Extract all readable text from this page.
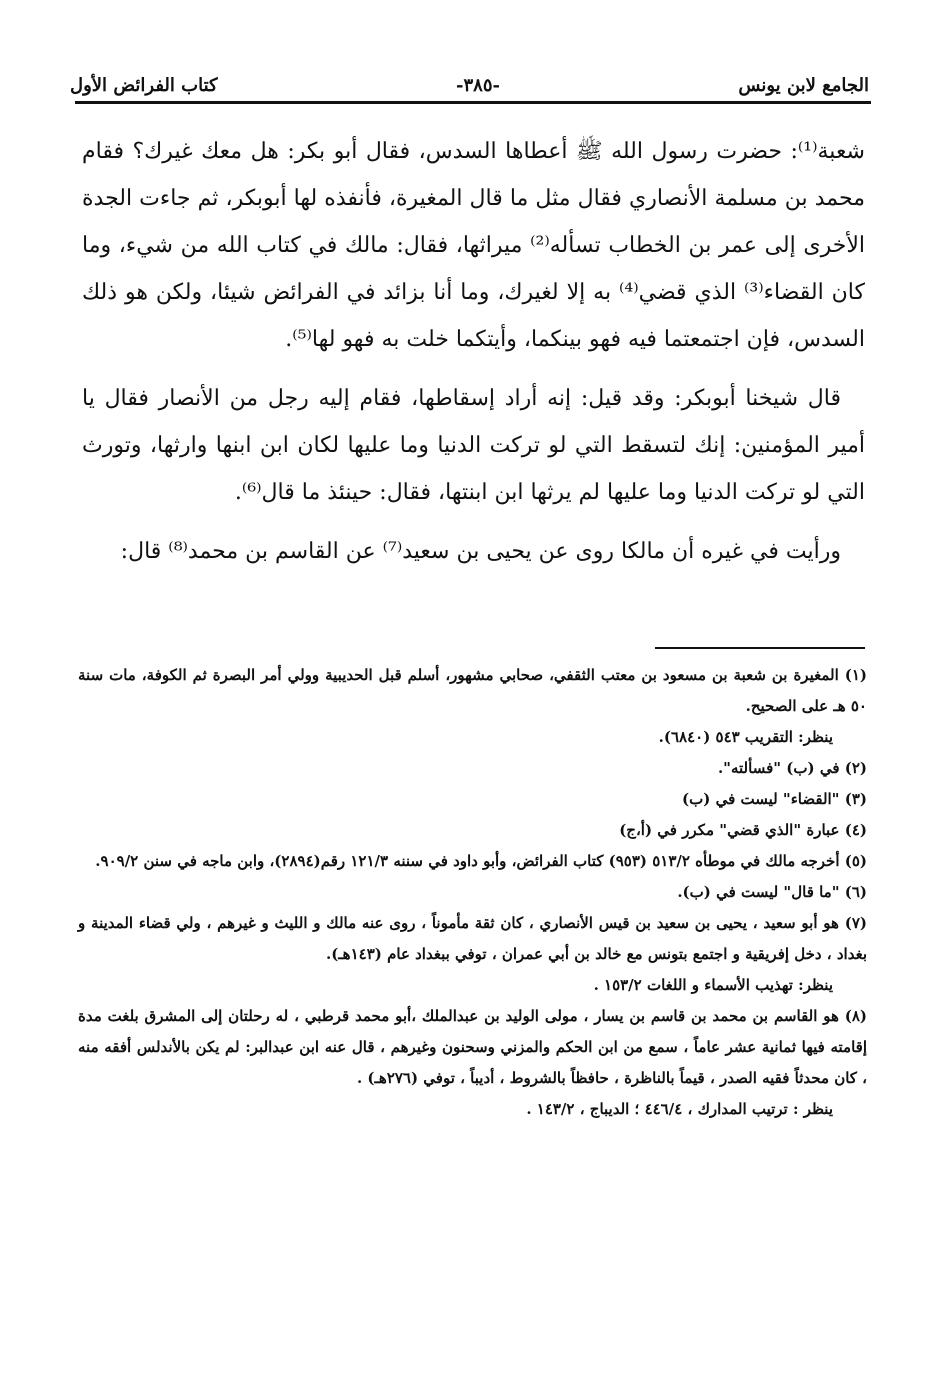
الجامع لابن يونس
-٣٨٥-
كتاب الفرائض الأول

شعبة⁽¹⁾: حضرت رسول الله ﷺ أعطاها السدس، فقال أبو بكر: هل معك غيرك؟ فقام محمد بن مسلمة الأنصاري فقال مثل ما قال المغيرة، فأنفذه لها أبوبكر، ثم جاءت الجدة الأخرى إلى عمر بن الخطاب تسأله⁽²⁾ ميراثها، فقال: مالك في كتاب الله من شيء، وما كان القضاء⁽³⁾ الذي قضي⁽⁴⁾ به إلا لغيرك، وما أنا بزائد في الفرائض شيئا، ولكن هو ذلك السدس، فإن اجتمعتما فيه فهو بينكما، وأيتكما خلت به فهو لها⁽⁵⁾.

قال شيخنا أبوبكر: وقد قيل: إنه أراد إسقاطها، فقام إليه رجل من الأنصار فقال يا أمير المؤمنين: إنك لتسقط التي لو تركت الدنيا وما عليها لكان ابن ابنها وارثها، وتورث التي لو تركت الدنيا وما عليها لم يرثها ابن ابنتها، فقال: حينئذ ما قال⁽⁶⁾.

ورأيت في غيره أن مالكا روى عن يحيى بن سعيد⁽⁷⁾ عن القاسم بن محمد⁽⁸⁾ قال:

(١) المغيرة بن شعبة بن مسعود بن معتب الثقفي، صحابي مشهور، أسلم قبل الحديبية وولي أمر البصرة ثم الكوفة، مات سنة ٥٠ هـ على الصحيح.

ينظر: التقريب ٥٤٣ (٦٨٤٠).

(٢) في (ب) "فسألته".

(٣) "القضاء" ليست في (ب)

(٤) عبارة "الذي قضي" مكرر في (أ،ج)

(٥) أخرجه مالك في موطأه ٥١٣/٢ (٩٥٣) كتاب الفرائض، وأبو داود في سننه ١٢١/٣ رقم(٢٨٩٤)، وابن ماجه في سنن ٩٠٩/٢.

(٦) "ما قال" ليست في (ب).

(٧) هو أبو سعيد ، يحيى بن سعيد بن قيس الأنصاري ، كان ثقة مأموناً ، روى عنه مالك و الليث و غيرهم ، ولي قضاء المدينة و بغداد ، دخل إفريقية و اجتمع بتونس مع خالد بن أبي عمران ، توفي ببغداد عام (١٤٣هـ).

ينظر: تهذيب الأسماء و اللغات ١٥٣/٢ .

(٨) هو القاسم بن محمد بن قاسم بن يسار ، مولى الوليد بن عبدالملك ،أبو محمد قرطبي ، له رحلتان إلى المشرق بلغت مدة إقامته فيها ثمانية عشر عاماً ، سمع من ابن الحكم والمزني وسحنون وغيرهم ، قال عنه ابن عبدالبر: لم يكن بالأندلس أفقه منه ، كان محدثاً فقيه الصدر ، قيماً بالناظرة ، حافظاً بالشروط ، أديباً ، توفي (٢٧٦هـ) .

ينظر : ترتيب المدارك ، ٤٤٦/٤ ؛ الديباج ، ١٤٣/٢ .
